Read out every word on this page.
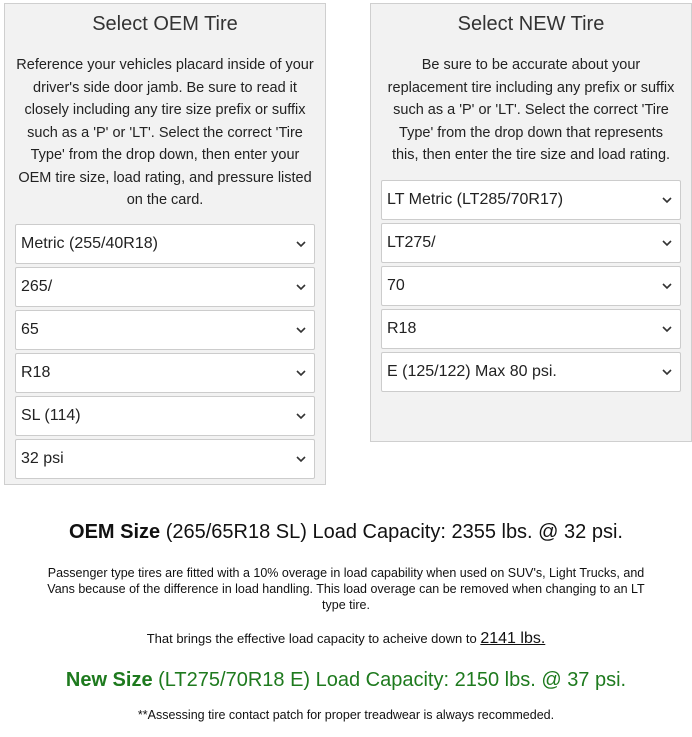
Select OEM Tire

Reference your vehicles placard inside of your driver's side door jamb. Be sure to read it closely including any tire size prefix or suffix such as a 'P' or 'LT'. Select the correct 'Tire Type' from the drop down, then enter your OEM tire size, load rating, and pressure listed on the card.

Metric (255/40R18)
265/
65
R18
SL (114)
32 psi
Select NEW Tire

Be sure to be accurate about your replacement tire including any prefix or suffix such as a 'P' or 'LT'. Select the correct 'Tire Type' from the drop down that represents this, then enter the tire size and load rating.

LT Metric (LT285/70R17)
LT275/
70
R18
E (125/122) Max 80 psi.
OEM Size (265/65R18 SL) Load Capacity: 2355 lbs. @ 32 psi.
Passenger type tires are fitted with a 10% overage in load capability when used on SUV's, Light Trucks, and Vans because of the difference in load handling. This load overage can be removed when changing to an LT type tire.
That brings the effective load capacity to acheive down to 2141 lbs.
New Size (LT275/70R18 E) Load Capacity: 2150 lbs. @ 37 psi.
**Assessing tire contact patch for proper treadwear is always recommeded.
